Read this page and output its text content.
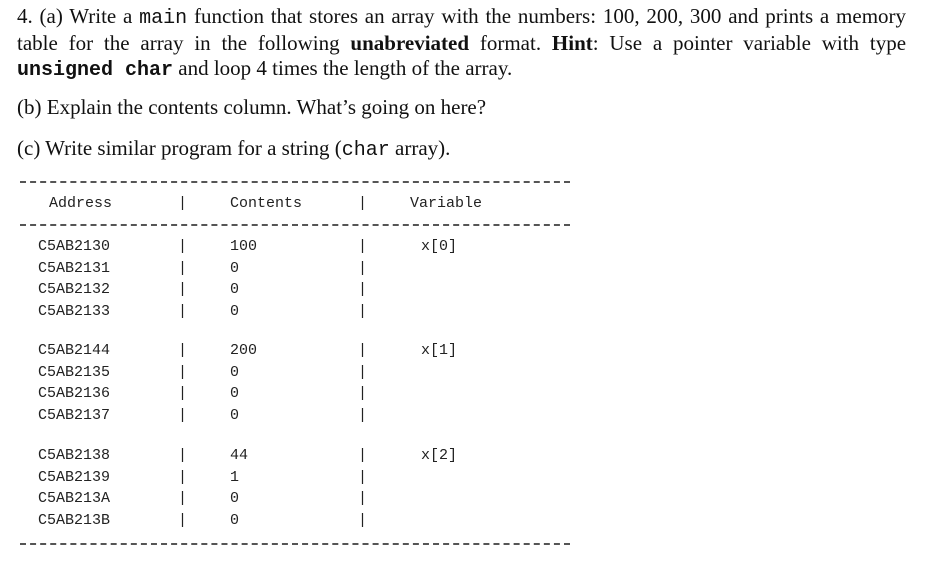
4. (a) Write a main function that stores an array with the numbers: 100, 200, 300 and prints a memory table for the array in the following unabreviated format. Hint: Use a pointer variable with type unsigned char and loop 4 times the length of the array.

(b) Explain the contents column. What’s going on here?

(c) Write similar program for a string (char array).

Address	|	Contents	|	Variable
C5AB2130	|	100	|	x[0]
C5AB2131	|	0	|
C5AB2132	|	0	|
C5AB2133	|	0	|
C5AB2144	|	200	|	x[1]
C5AB2135	|	0	|
C5AB2136	|	0	|
C5AB2137	|	0	|
C5AB2138	|	44	|	x[2]
C5AB2139	|	1	|
C5AB213A	|	0	|
C5AB213B	|	0	|
